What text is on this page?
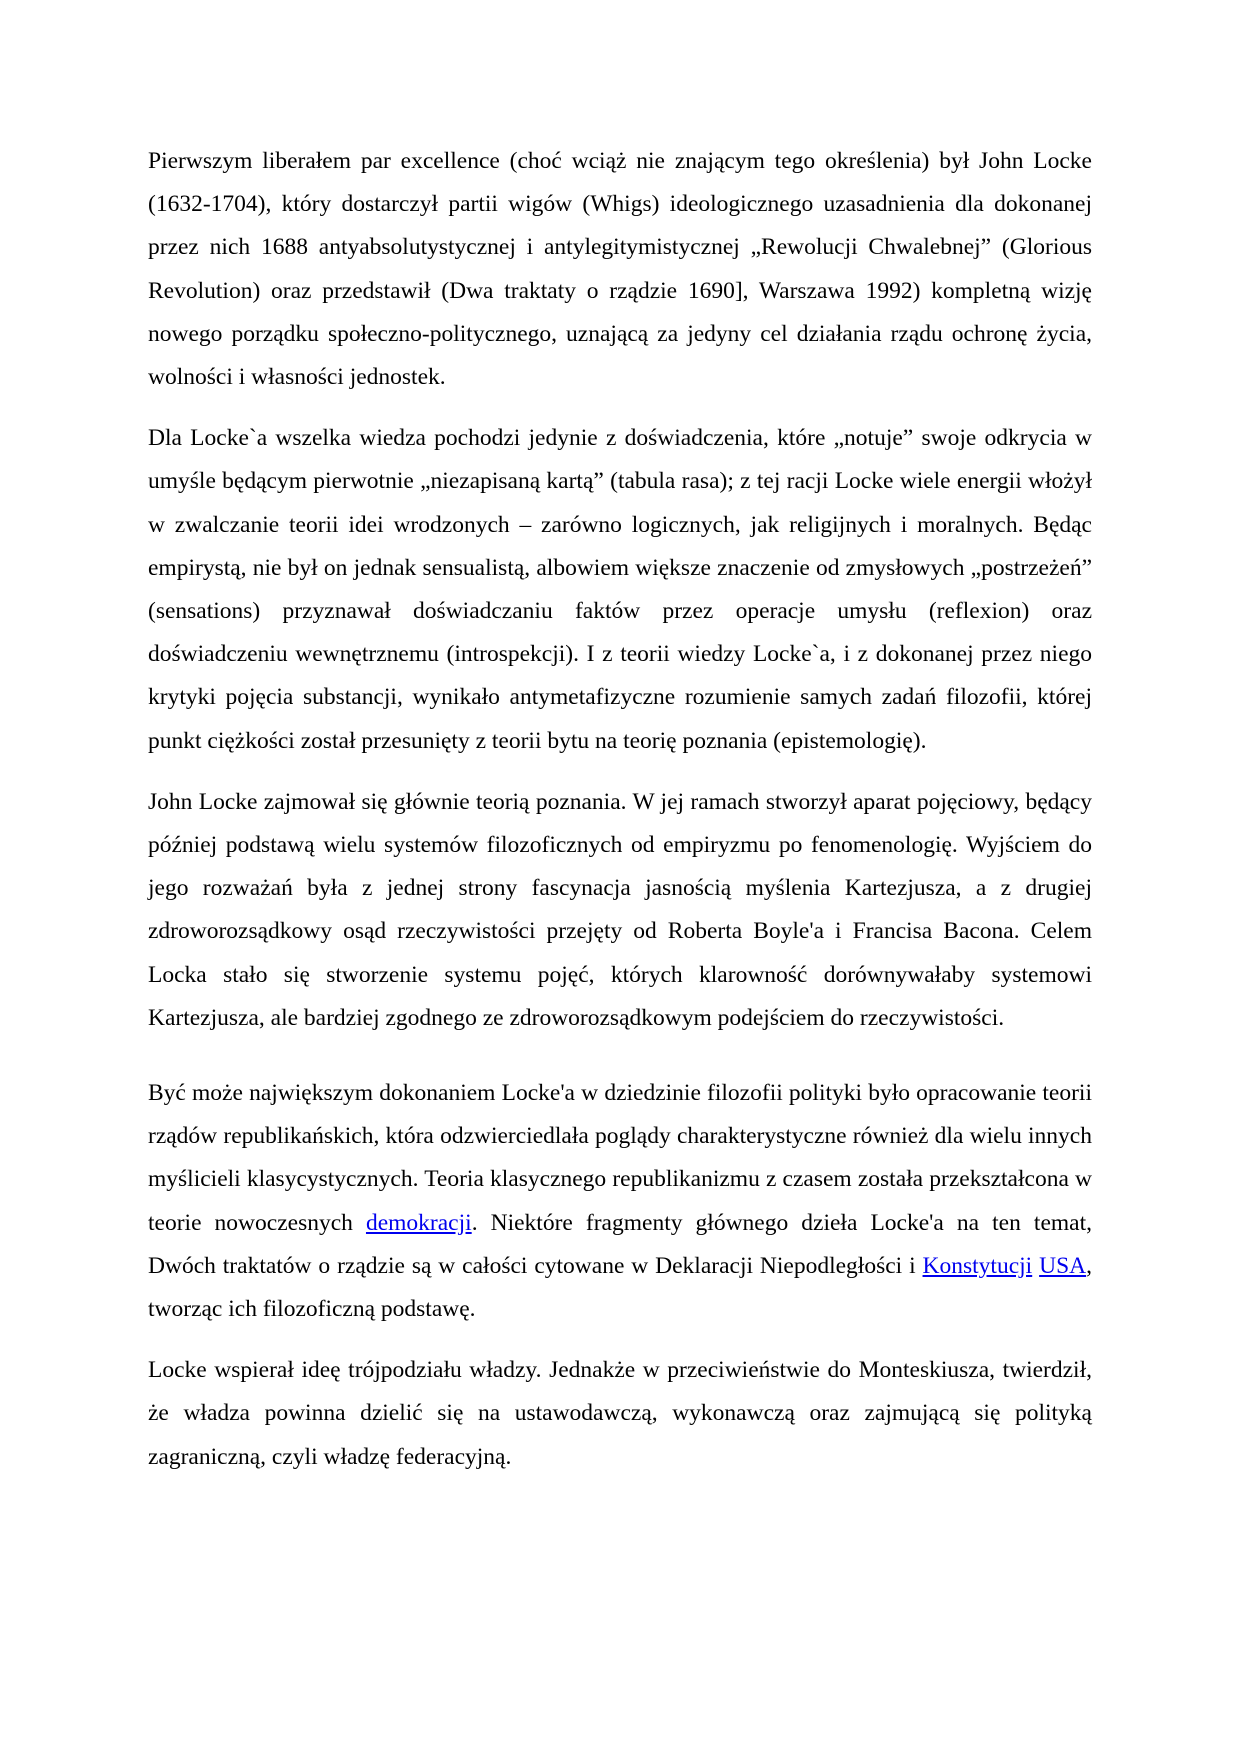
Pierwszym liberałem par excellence (choć wciąż nie znającym tego określenia) był John Locke (1632-1704), który dostarczył partii wigów (Whigs) ideologicznego uzasadnienia dla dokonanej przez nich 1688 antyabsolutystycznej i antylegitymistycznej „Rewolucji Chwalebnej” (Glorious Revolution) oraz przedstawił (Dwa traktaty o rządzie 1690], Warszawa 1992) kompletną wizję nowego porządku społeczno-politycznego, uznającą za jedyny cel działania rządu ochronę życia, wolności i własności jednostek.

Dla Locke`a wszelka wiedza pochodzi jedynie z doświadczenia, które „notuje” swoje odkrycia w umyśle będącym pierwotnie „niezapisaną kartą” (tabula rasa); z tej racji Locke wiele energii włożył w zwalczanie teorii idei wrodzonych – zarówno logicznych, jak religijnych i moralnych. Będąc empirystą, nie był on jednak sensualistą, albowiem większe znaczenie od zmysłowych „postrzeżeń” (sensations) przyznawał doświadczaniu faktów przez operacje umysłu (reflexion) oraz doświadczeniu wewnętrznemu (introspekcji). I z teorii wiedzy Locke`a, i z dokonanej przez niego krytyki pojęcia substancji, wynikało antymetafizyczne rozumienie samych zadań filozofii, której punkt ciężkości został przesunięty z teorii bytu na teorię poznania (epistemologię).

John Locke zajmował się głównie teorią poznania. W jej ramach stworzył aparat pojęciowy, będący później podstawą wielu systemów filozoficznych od empiryzmu po fenomenologię. Wyjściem do jego rozważań była z jednej strony fascynacja jasnością myślenia Kartezjusza, a z drugiej zdroworozsądkowy osąd rzeczywistości przejęty od Roberta Boyle'a i Francisa Bacona. Celem Locka stało się stworzenie systemu pojęć, których klarowność dorównywałaby systemowi Kartezjusza, ale bardziej zgodnego ze zdroworozsądkowym podejściem do rzeczywistości.

Być może największym dokonaniem Locke'a w dziedzinie filozofii polityki było opracowanie teorii rządów republikańskich, która odzwierciedlała poglądy charakterystyczne również dla wielu innych myślicieli klasycystycznych. Teoria klasycznego republikanizmu z czasem została przekształcona w teorie nowoczesnych demokracji. Niektóre fragmenty głównego dzieła Locke'a na ten temat, Dwóch traktatów o rządzie są w całości cytowane w Deklaracji Niepodległości i Konstytucji USA, tworząc ich filozoficzną podstawę.

Locke wspierał ideę trójpodziału władzy. Jednakże w przeciwieństwie do Monteskiusza, twierdził, że władza powinna dzielić się na ustawodawczą, wykonawczą oraz zajmującą się polityką zagraniczną, czyli władzę federacyjną.
